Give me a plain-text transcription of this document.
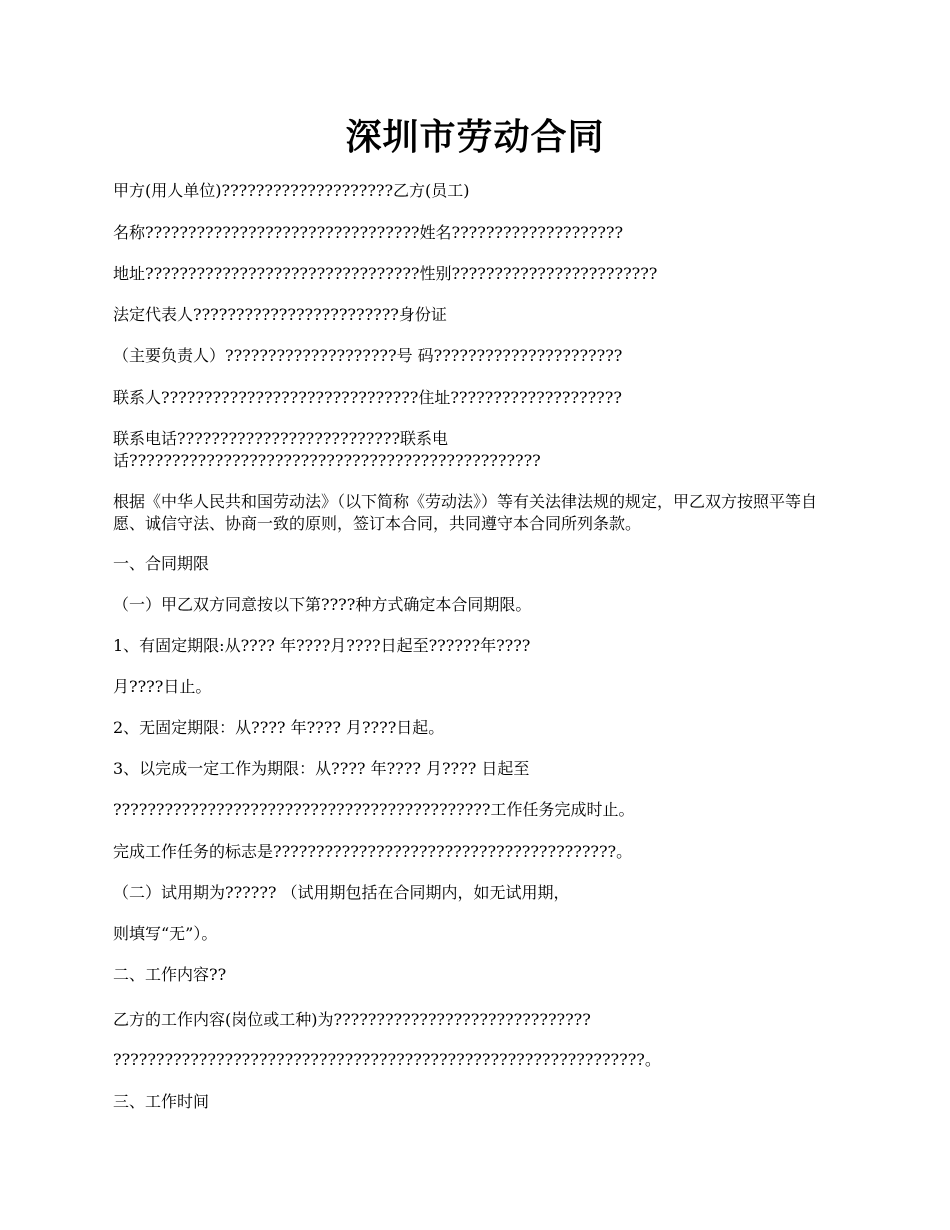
深圳市劳动合同
甲方(用人单位)????????????????????乙方(员工)
名称????????????????????????????????姓名????????????????????
地址????????????????????????????????性别????????????????????????
法定代表人????????????????????????身份证
（主要负责人）????????????????????号 码??????????????????????
联系人??????????????????????????????住址????????????????????
联系电话??????????????????????????联系电话????????????????????????????????????????????????
根据《中华人民共和国劳动法》（以下简称《劳动法》）等有关法律法规的规定，甲乙双方按照平等自愿、诚信守法、协商一致的原则，签订本合同，共同遵守本合同所列条款。
一、合同期限
（一）甲乙双方同意按以下第????种方式确定本合同期限。
1、有固定期限:从???? 年????月????日起至??????年????
月????日止。
2、无固定期限：从???? 年???? 月????日起。
3、以完成一定工作为期限：从???? 年???? 月???? 日起至
????????????????????????????????????????????工作任务完成时止。
完成工作任务的标志是????????????????????????????????????????。
（二）试用期为?????? （试用期包括在合同期内，如无试用期，
则填写“无”）。
二、工作内容??
乙方的工作内容(岗位或工种)为??????????????????????????????
??????????????????????????????????????????????????????????????。
三、工作时间
